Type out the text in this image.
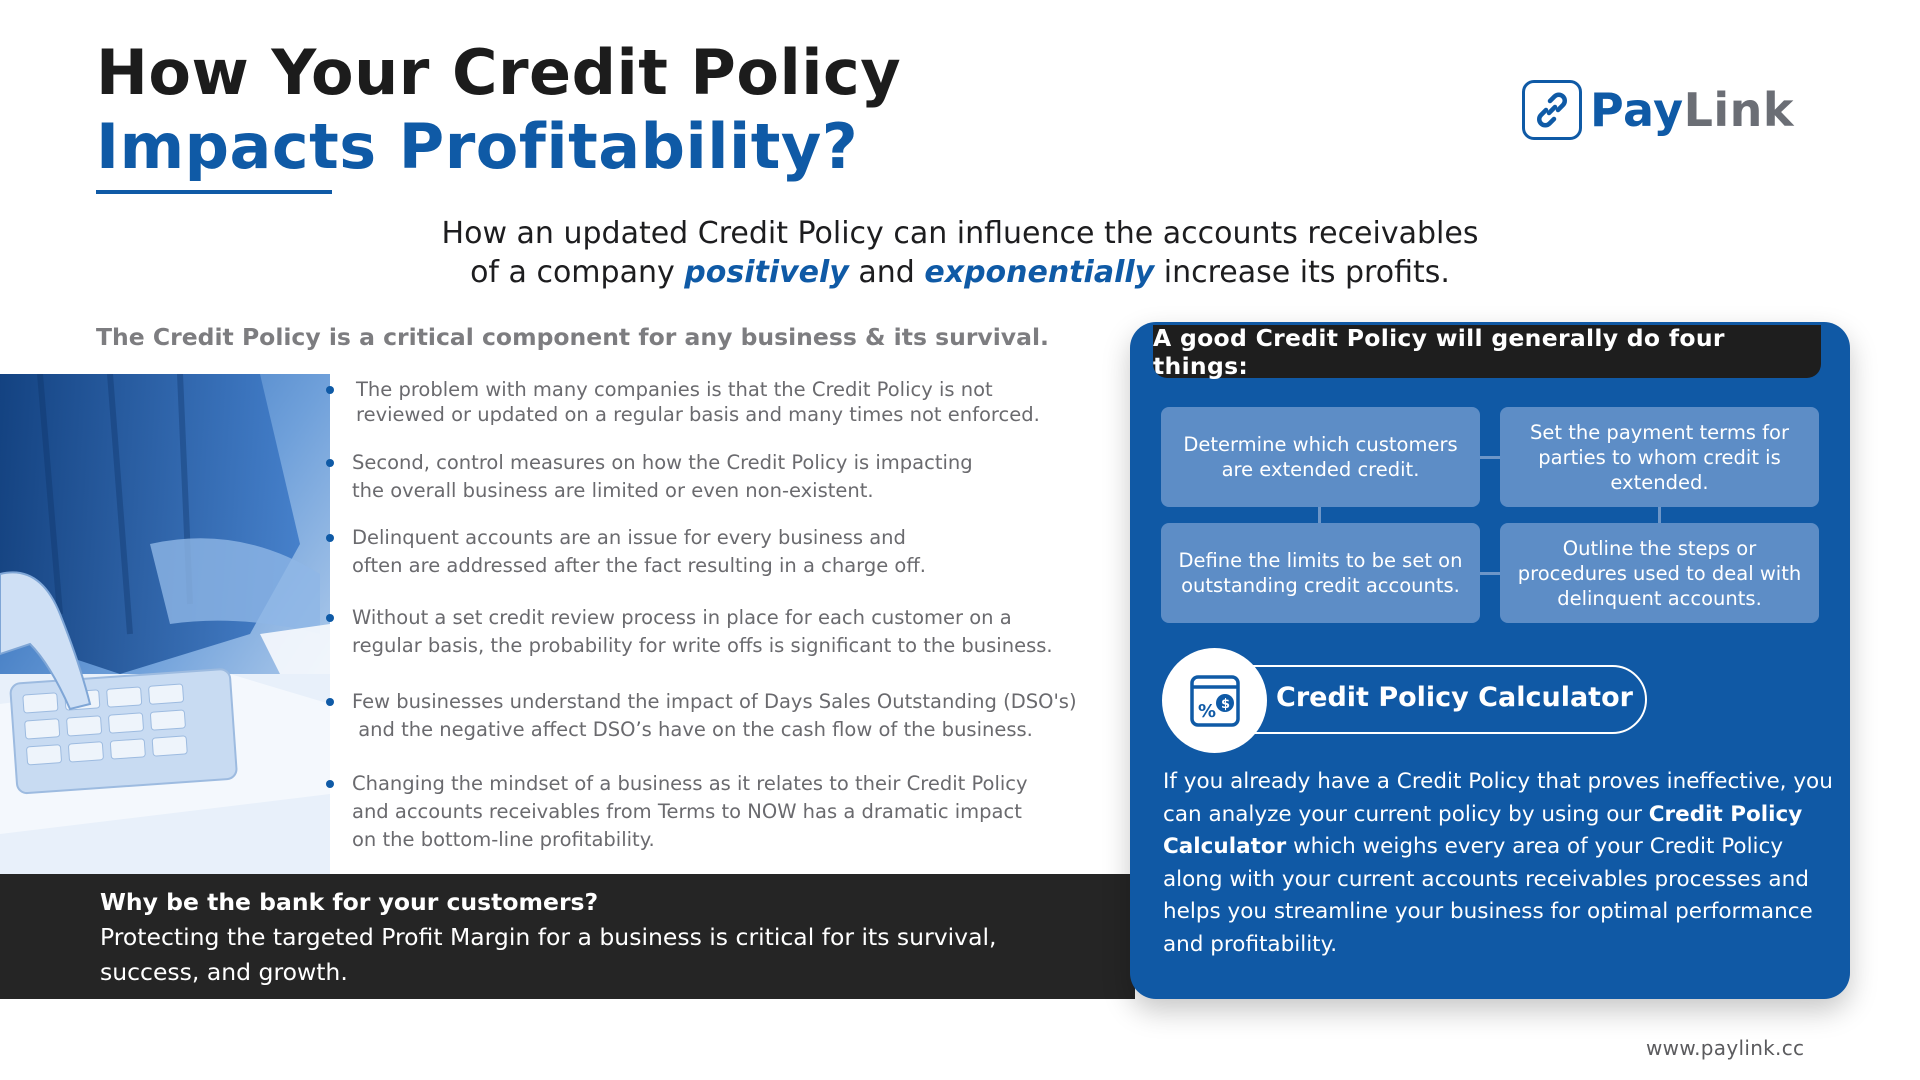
How Your Credit Policy
Impacts Profitability?	PayLink
How an updated Credit Policy can influence the accounts receivables
of a company positively and exponentially increase its profits.
The Credit Policy is a critical component for any business & its survival.
The problem with many companies is that the Credit Policy is not
reviewed or updated on a regular basis and many times not enforced.
Second, control measures on how the Credit Policy is impacting
the overall business are limited or even non-existent.
Delinquent accounts are an issue for every business and
often are addressed after the fact resulting in a charge off.
Without a set credit review process in place for each customer on a
regular basis, the probability for write offs is significant to the business.
Few businesses understand the impact of Days Sales Outstanding (DSO's)
and the negative affect DSO’s have on the cash flow of the business.
Changing the mindset of a business as it relates to their Credit Policy
and accounts receivables from Terms to NOW has a dramatic impact
on the bottom-line profitability.
Why be the bank for your customers?
Protecting the targeted Profit Margin for a business is critical for its survival, success, and growth.
A good Credit Policy will generally do four things:
Determine which customers are extended credit.
Set the payment terms for parties to whom credit is extended.
Define the limits to be set on outstanding credit accounts.
Outline the steps or procedures used to deal with delinquent accounts.
% $ Credit Policy Calculator
If you already have a Credit Policy that proves ineffective, you can analyze your current policy by using our Credit Policy Calculator which weighs every area of your Credit Policy along with your current accounts receivables processes and helps you streamline your business for optimal performance and profitability.
www.paylink.cc
